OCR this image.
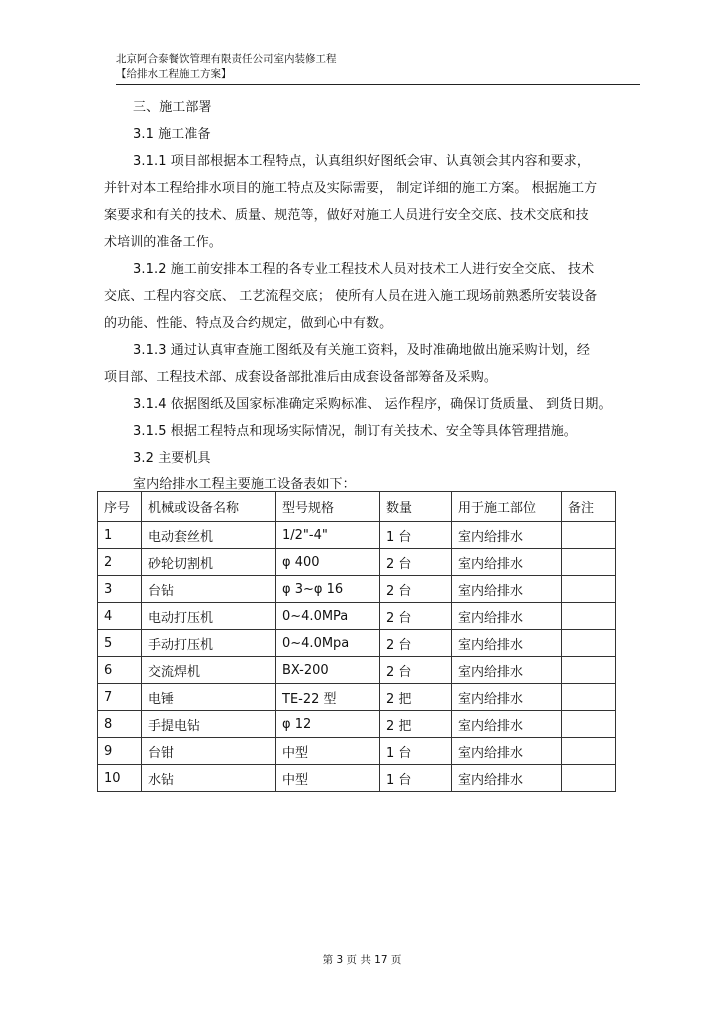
北京阿合泰餐饮管理有限责任公司室内装修工程
【给排水工程施工方案】
三、施工部署
3.1 施工准备
3.1.1 项目部根据本工程特点，认真组织好图纸会审、认真领会其内容和要求，
并针对本工程给排水项目的施工特点及实际需要， 制定详细的施工方案。 根据施工方
案要求和有关的技术、质量、规范等，做好对施工人员进行安全交底、技术交底和技
术培训的准备工作。
3.1.2 施工前安排本工程的各专业工程技术人员对技术工人进行安全交底、 技术
交底、工程内容交底、 工艺流程交底； 使所有人员在进入施工现场前熟悉所安装设备
的功能、性能、特点及合约规定，做到心中有数。
3.1.3 通过认真审查施工图纸及有关施工资料，及时准确地做出施采购计划，经
项目部、工程技术部、成套设备部批准后由成套设备部筹备及采购。
3.1.4 依据图纸及国家标准确定采购标准、 运作程序，确保订货质量、 到货日期。
3.1.5 根据工程特点和现场实际情况，制订有关技术、安全等具体管理措施。
3.2 主要机具
室内给排水工程主要施工设备表如下：
序号	机械或设备名称	型号规格	数量	用于施工部位	备注
1	电动套丝机	1/2"-4"	1 台	室内给排水	
2	砂轮切割机	φ 400	2 台	室内给排水	
3	台钻	φ 3~φ 16	2 台	室内给排水	
4	电动打压机	0~4.0MPa	2 台	室内给排水	
5	手动打压机	0~4.0Mpa	2 台	室内给排水	
6	交流焊机	BX-200	2 台	室内给排水	
7	电锤	TE-22 型	2 把	室内给排水	
8	手提电钻	φ 12	2 把	室内给排水	
9	台钳	中型	1 台	室内给排水	
10	水钻	中型	1 台	室内给排水	
第 3 页 共 17 页
